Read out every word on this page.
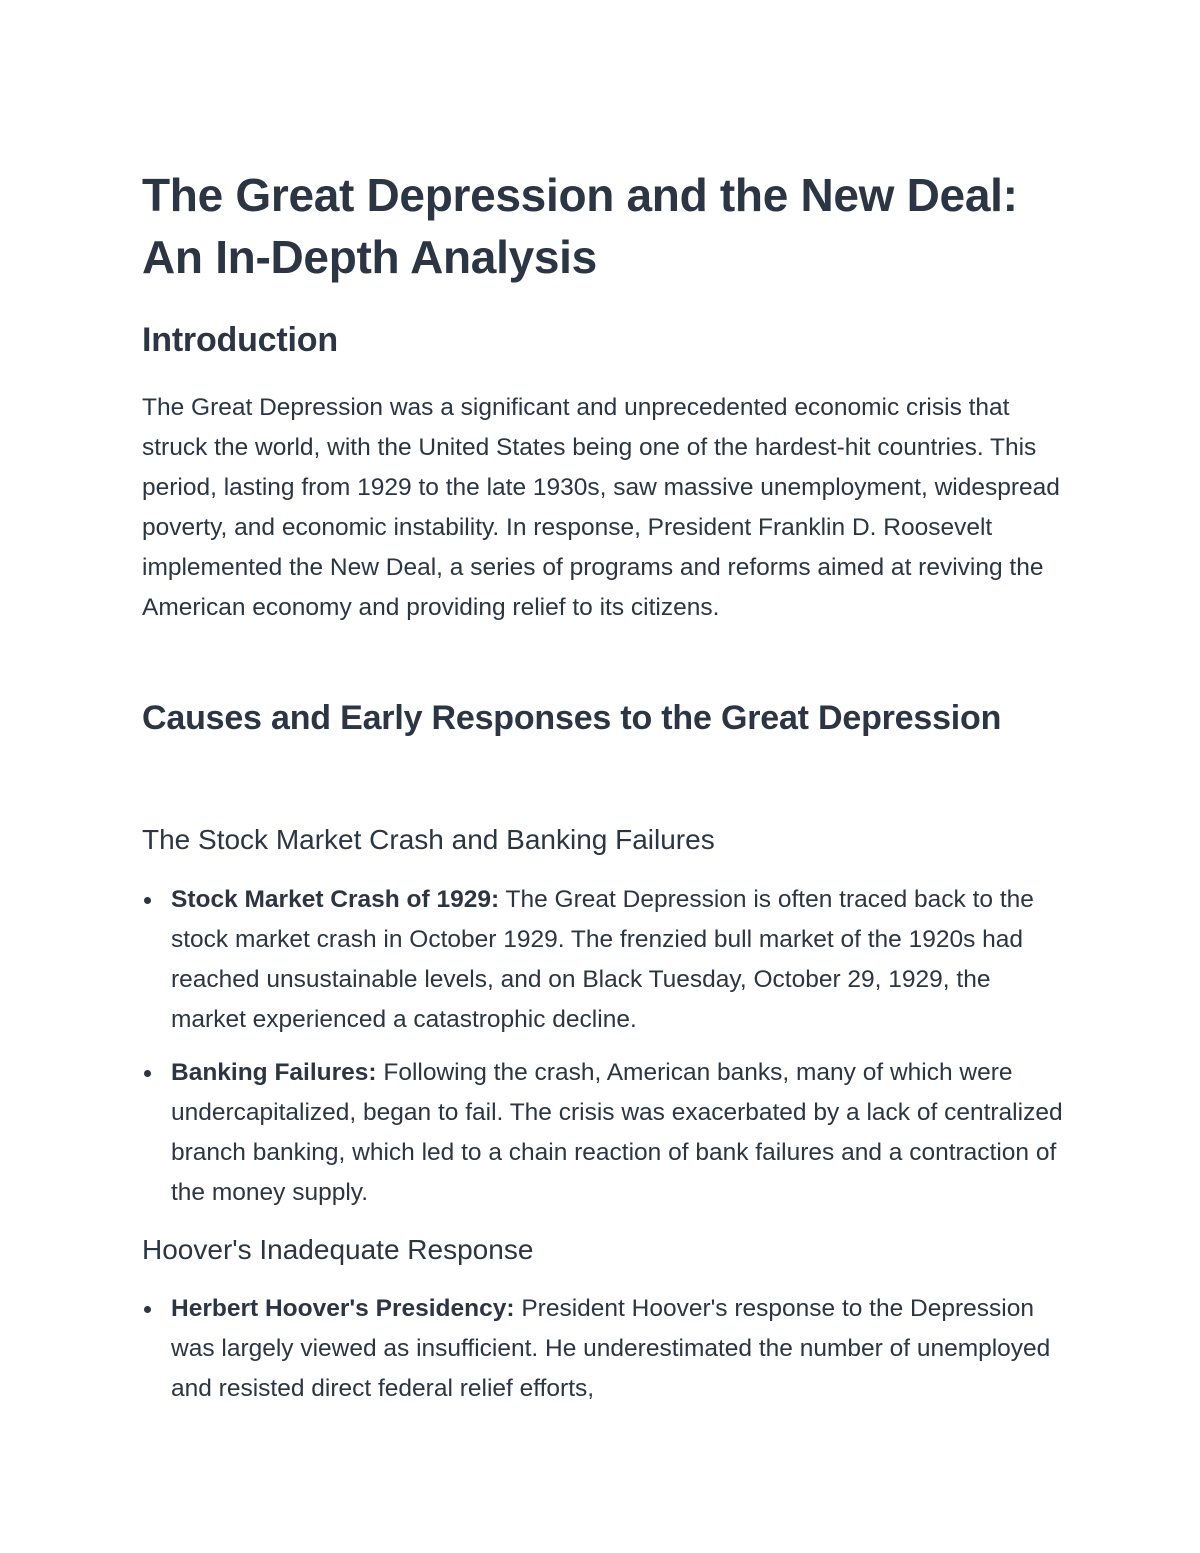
The Great Depression and the New Deal: An In-Depth Analysis
Introduction

The Great Depression was a significant and unprecedented economic crisis that struck the world, with the United States being one of the hardest-hit countries. This period, lasting from 1929 to the late 1930s, saw massive unemployment, widespread poverty, and economic instability. In response, President Franklin D. Roosevelt implemented the New Deal, a series of programs and reforms aimed at reviving the American economy and providing relief to its citizens.

Causes and Early Responses to the Great Depression
The Stock Market Crash and Banking Failures
Stock Market Crash of 1929: The Great Depression is often traced back to the stock market crash in October 1929. The frenzied bull market of the 1920s had reached unsustainable levels, and on Black Tuesday, October 29, 1929, the market experienced a catastrophic decline.
Banking Failures: Following the crash, American banks, many of which were undercapitalized, began to fail. The crisis was exacerbated by a lack of centralized branch banking, which led to a chain reaction of bank failures and a contraction of the money supply.
Hoover's Inadequate Response
Herbert Hoover's Presidency: President Hoover's response to the Depression was largely viewed as insufficient. He underestimated the number of unemployed and resisted direct federal relief efforts,
